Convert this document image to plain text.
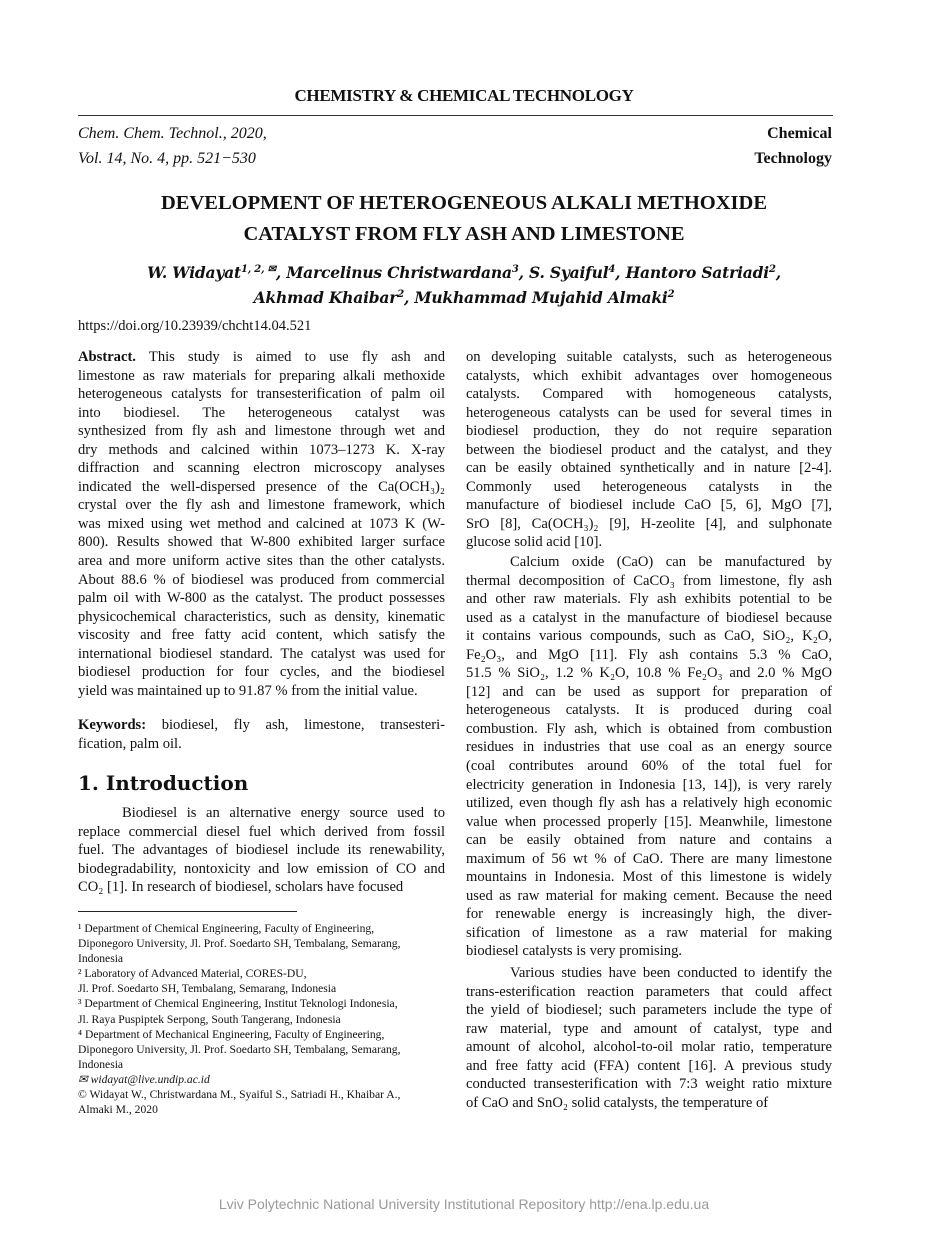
CHEMISTRY & CHEMICAL TECHNOLOGY
Chem. Chem. Technol., 2020,
Vol. 14, No. 4, pp. 521−530
Chemical
Technology
DEVELOPMENT OF HETEROGENEOUS ALKALI METHOXIDE
CATALYST FROM FLY ASH AND LIMESTONE
W. Widayat$^{1, 2, ✉}$, Marcelinus Christwardana$^3$, S. Syaiful$^4$, Hantoro Satriadi$^2$,
Akhmad Khaibar$^2$, Mukhammad Mujahid Almaki$^2$
https://doi.org/10.23939/chcht14.04.521
Abstract. This study is aimed to use fly ash and
limestone as raw materials for preparing alkali methoxide
heterogeneous catalysts for transesterification of palm oil
into biodiesel. The heterogeneous catalyst was
synthesized from fly ash and limestone through wet and
dry methods and calcined within 1073–1273 K. X-ray
diffraction and scanning electron microscopy analyses
indicated the well-dispersed presence of the Ca(OCH₃)₂
crystal over the fly ash and limestone framework, which
was mixed using wet method and calcined at 1073 K (W-
800). Results showed that W-800 exhibited larger surface
area and more uniform active sites than the other catalysts.
About 88.6 % of biodiesel was produced from commercial
palm oil with W-800 as the catalyst. The product possesses
physicochemical characteristics, such as density, kinematic
viscosity and free fatty acid content, which satisfy the
international biodiesel standard. The catalyst was used for
biodiesel production for four cycles, and the biodiesel
yield was maintained up to 91.87 % from the initial value.
Keywords: biodiesel, fly ash, limestone, transesteri-
fication, palm oil.
1. Introduction
Biodiesel is an alternative energy source used to
replace commercial diesel fuel which derived from fossil
fuel. The advantages of biodiesel include its renewability,
biodegradability, nontoxicity and low emission of CO and
CO₂ [1]. In research of biodiesel, scholars have focused
¹ Department of Chemical Engineering, Faculty of Engineering,
Diponegoro University, Jl. Prof. Soedarto SH, Tembalang, Semarang,
Indonesia
² Laboratory of Advanced Material, CORES-DU,
Jl. Prof. Soedarto SH, Tembalang, Semarang, Indonesia
³ Department of Chemical Engineering, Institut Teknologi Indonesia,
Jl. Raya Puspiptek Serpong, South Tangerang, Indonesia
⁴ Department of Mechanical Engineering, Faculty of Engineering,
Diponegoro University, Jl. Prof. Soedarto SH, Tembalang, Semarang,
Indonesia
✉ widayat@live.undip.ac.id
© Widayat W., Christwardana M., Syaiful S., Satriadi H., Khaibar A.,
Almaki M., 2020
on developing suitable catalysts, such as heterogeneous
catalysts, which exhibit advantages over homogeneous
catalysts. Compared with homogeneous catalysts,
heterogeneous catalysts can be used for several times in
biodiesel production, they do not require separation
between the biodiesel product and the catalyst, and they
can be easily obtained synthetically and in nature [2-4].
Commonly used heterogeneous catalysts in the
manufacture of biodiesel include CaO [5, 6], MgO [7],
SrO [8], Ca(OCH₃)₂ [9], H-zeolite [4], and sulphonate
glucose solid acid [10].
Calcium oxide (CaO) can be manufactured by
thermal decomposition of CaCO₃ from limestone, fly ash
and other raw materials. Fly ash exhibits potential to be
used as a catalyst in the manufacture of biodiesel because
it contains various compounds, such as CaO, SiO₂, K₂O,
Fe₂O₃, and MgO [11]. Fly ash contains 5.3 % CaO,
51.5 % SiO₂, 1.2 % K₂O, 10.8 % Fe₂O₃ and 2.0 % MgO
[12] and can be used as support for preparation of
heterogeneous catalysts. It is produced during coal
combustion. Fly ash, which is obtained from combustion
residues in industries that use coal as an energy source
(coal contributes around 60% of the total fuel for
electricity generation in Indonesia [13, 14]), is very rarely
utilized, even though fly ash has a relatively high economic
value when processed properly [15]. Meanwhile, limestone
can be easily obtained from nature and contains a
maximum of 56 wt % of CaO. There are many limestone
mountains in Indonesia. Most of this limestone is widely
used as raw material for making cement. Because the need
for renewable energy is increasingly high, the diver-
sification of limestone as a raw material for making
biodiesel catalysts is very promising.
Various studies have been conducted to identify the
trans-esterification reaction parameters that could affect
the yield of biodiesel; such parameters include the type of
raw material, type and amount of catalyst, type and
amount of alcohol, alcohol-to-oil molar ratio, temperature
and free fatty acid (FFA) content [16]. A previous study
conducted transesterification with 7:3 weight ratio mixture
of CaO and SnO₂ solid catalysts, the temperature of
Lviv Polytechnic National University Institutional Repository http://ena.lp.edu.ua
